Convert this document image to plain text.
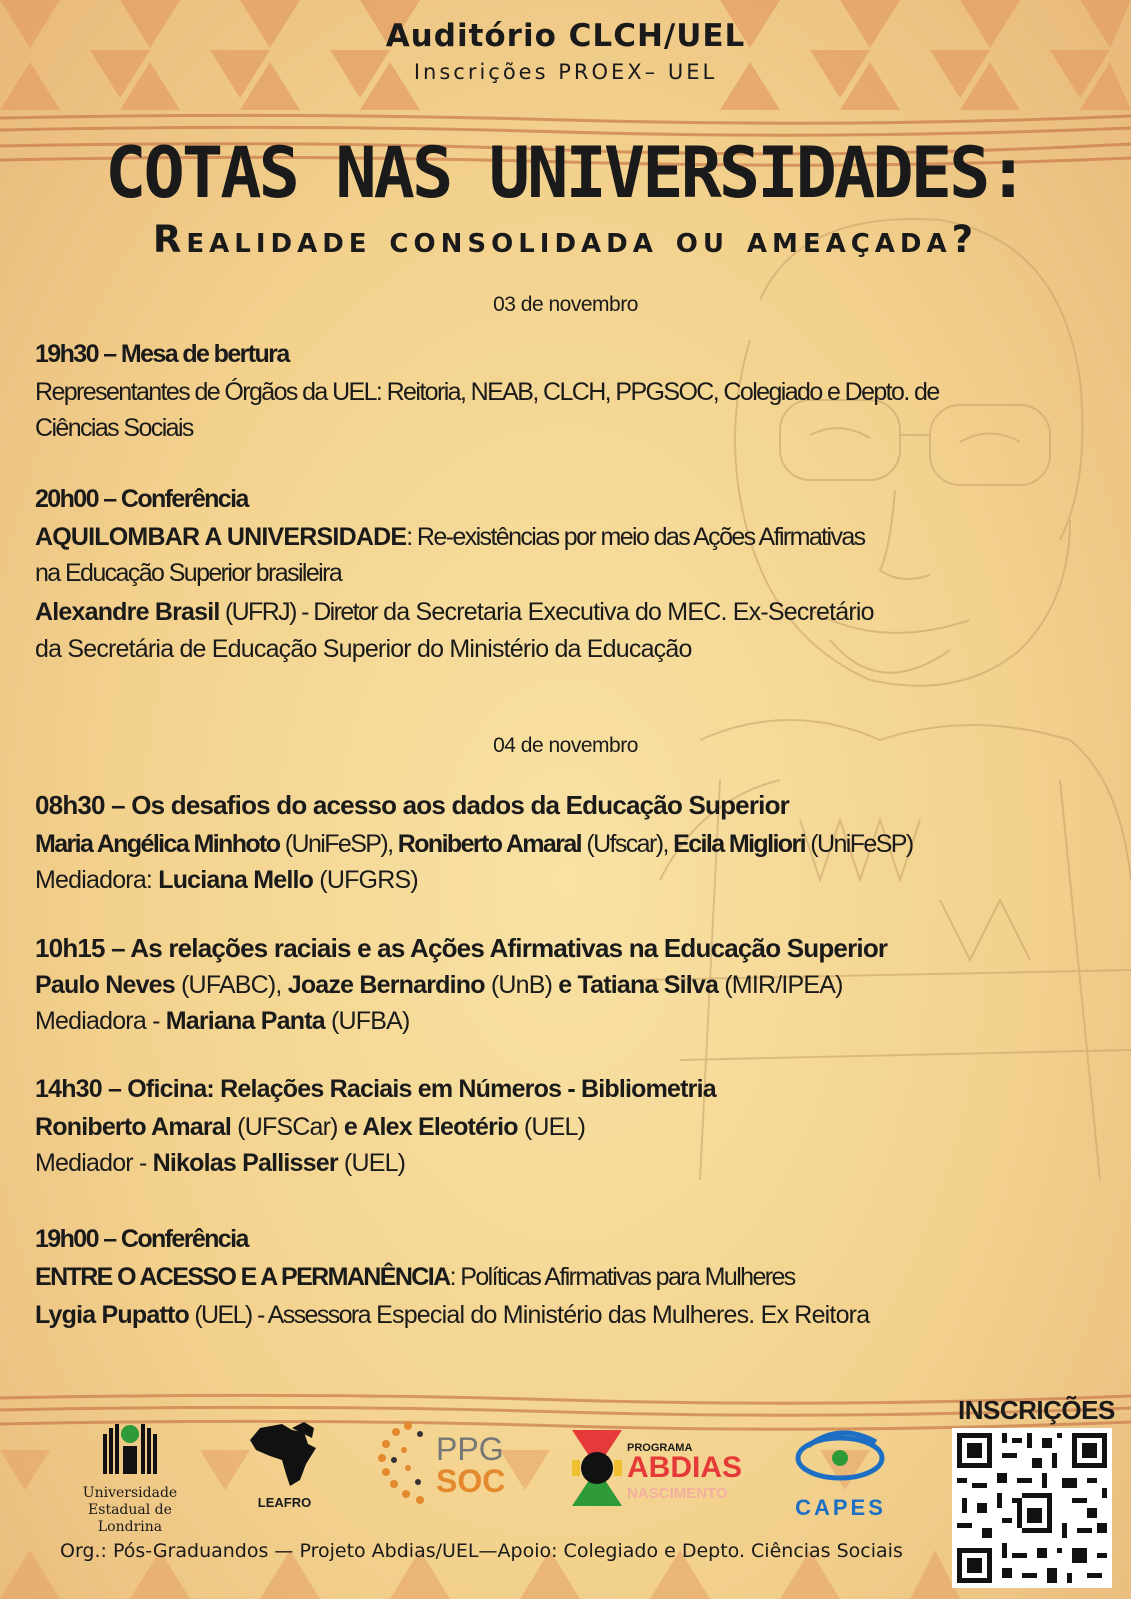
Auditório CLCH/UEL
Inscrições PROEX– UEL
COTAS NAS UNIVERSIDADES:
Realidade consolidada ou ameaçada?
03 de novembro
04 de novembro
19h30 – Mesa de bertura
Representantes de Órgãos da UEL: Reitoria, NEAB, CLCH, PPGSOC, Colegiado e Depto. de
Ciências Sociais
20h00 – Conferência
AQUILOMBAR A UNIVERSIDADE: Re-existências por meio das Ações Afirmativas
na Educação Superior brasileira
Alexandre Brasil (UFRJ) - Diretor da Secretaria Executiva do MEC. Ex-Secretário
da Secretária de Educação Superior do Ministério da Educação
08h30 – Os desafios do acesso aos dados da Educação Superior
Maria Angélica Minhoto (UniFeSP), Roniberto Amaral (Ufscar), Ecila Migliori (UniFeSP)
Mediadora: Luciana Mello (UFGRS)
10h15 – As relações raciais e as Ações Afirmativas na Educação Superior
Paulo Neves (UFABC), Joaze Bernardino (UnB) e Tatiana Silva (MIR/IPEA)
Mediadora - Mariana Panta (UFBA)
14h30 – Oficina: Relações Raciais em Números - Bibliometria
Roniberto Amaral (UFSCar) e Alex Eleotério (UEL)
Mediador - Nikolas Pallisser (UEL)
19h00 – Conferência
ENTRE O ACESSO E A PERMANÊNCIA: Políticas Afirmativas para Mulheres
Lygia Pupatto (UEL) - Assessora Especial do Ministério das Mulheres. Ex Reitora
Universidade
Estadual de Londrina
LEAFRO
PPG
SOC
PROGRAMA
ABDIAS
NASCIMENTO
CAPES
INSCRIÇÕES
Org.: Pós-Graduandos — Projeto Abdias/UEL—Apoio: Colegiado e Depto. Ciências Sociais
